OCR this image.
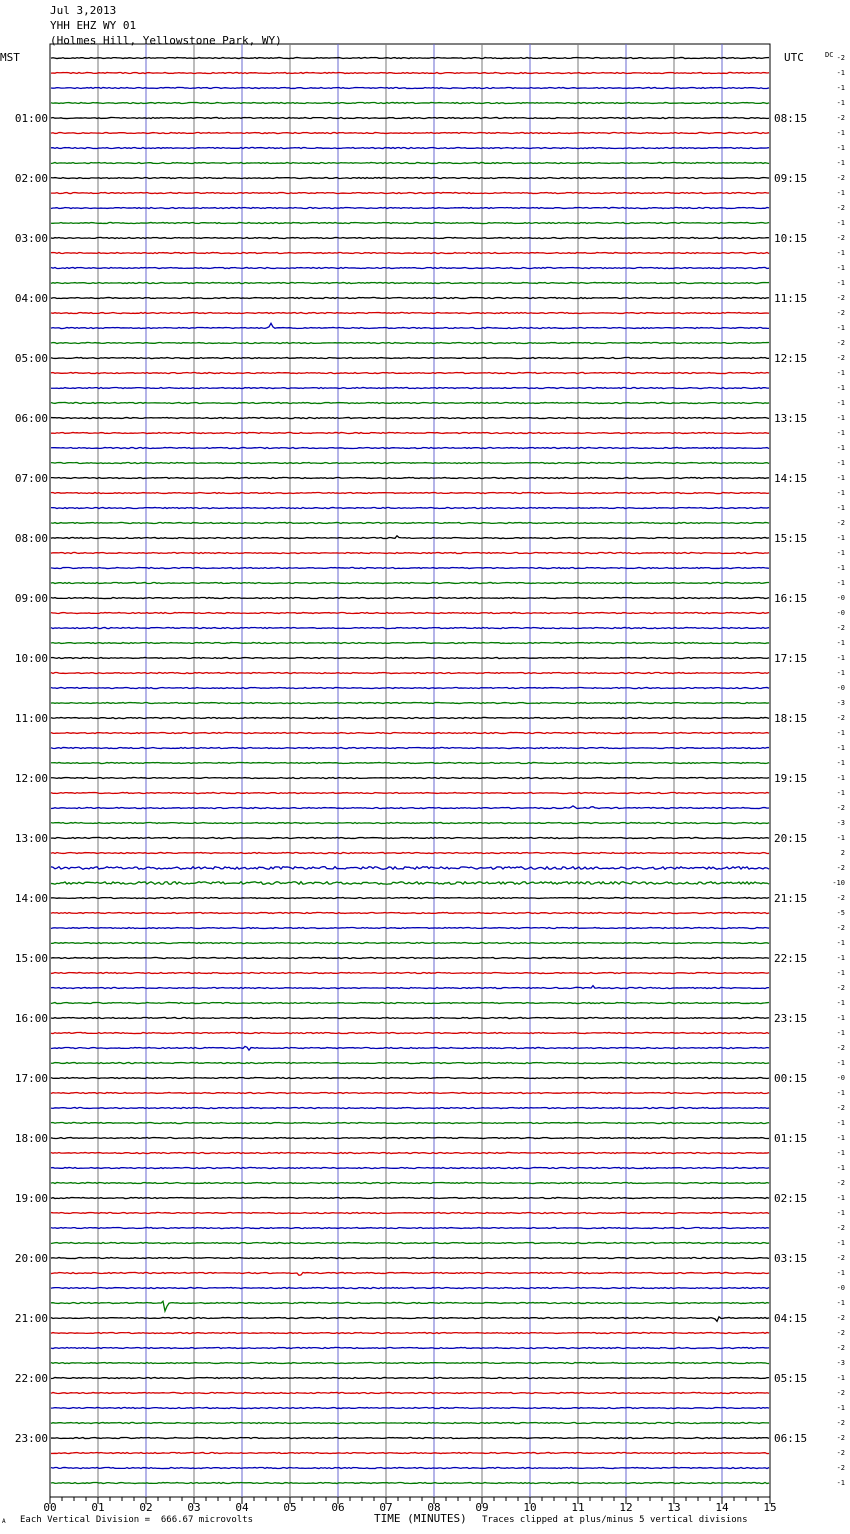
Jul 3,2013
YHH EHZ WY 01
(Holmes Hill, Yellowstone Park, WY)
MST	UTC	DC
01:00
02:00
03:00
04:00
05:00
06:00
07:00
08:00
09:00
10:00
11:00
12:00
13:00
14:00
15:00
16:00
17:00
18:00
19:00
20:00
21:00
22:00
23:00
08:15
09:15
10:15
11:15
12:15
13:15
14:15
15:15
16:15
17:15
18:15
19:15
20:15
21:15
22:15
23:15
00:15
01:15
02:15
03:15
04:15
05:15
06:15
-2
-1
-1
-1
-2
-1
-1
-1
-2
-1
-2
-1
-2
-1
-1
-1
-2
-2
-1
-2
-2
-1
-1
-1
-1
-1
-1
-1
-1
-1
-1
-2
-1
-1
-1
-1
-0
-0
-2
-1
-1
-1
-0
-3
-2
-1
-1
-1
-1
-1
-2
-3
-1
2
-2
-10
-2
-5
-2
-1
-1
-1
-2
-1
-1
-1
-2
-1
-0
-1
-2
-1
-1
-1
-1
-2
-1
-1
-2
-1
-2
-1
-0
-1
-2
-2
-2
-3
-1
-2
-1
-2
-2
-2
-2
-1
00	01	02	03	04	05	06	07	08	09	10	11	12	13	14	15
A Each Vertical Division =  666.67 microvolts	TIME (MINUTES) Traces clipped at plus/minus 5 vertical divisions
